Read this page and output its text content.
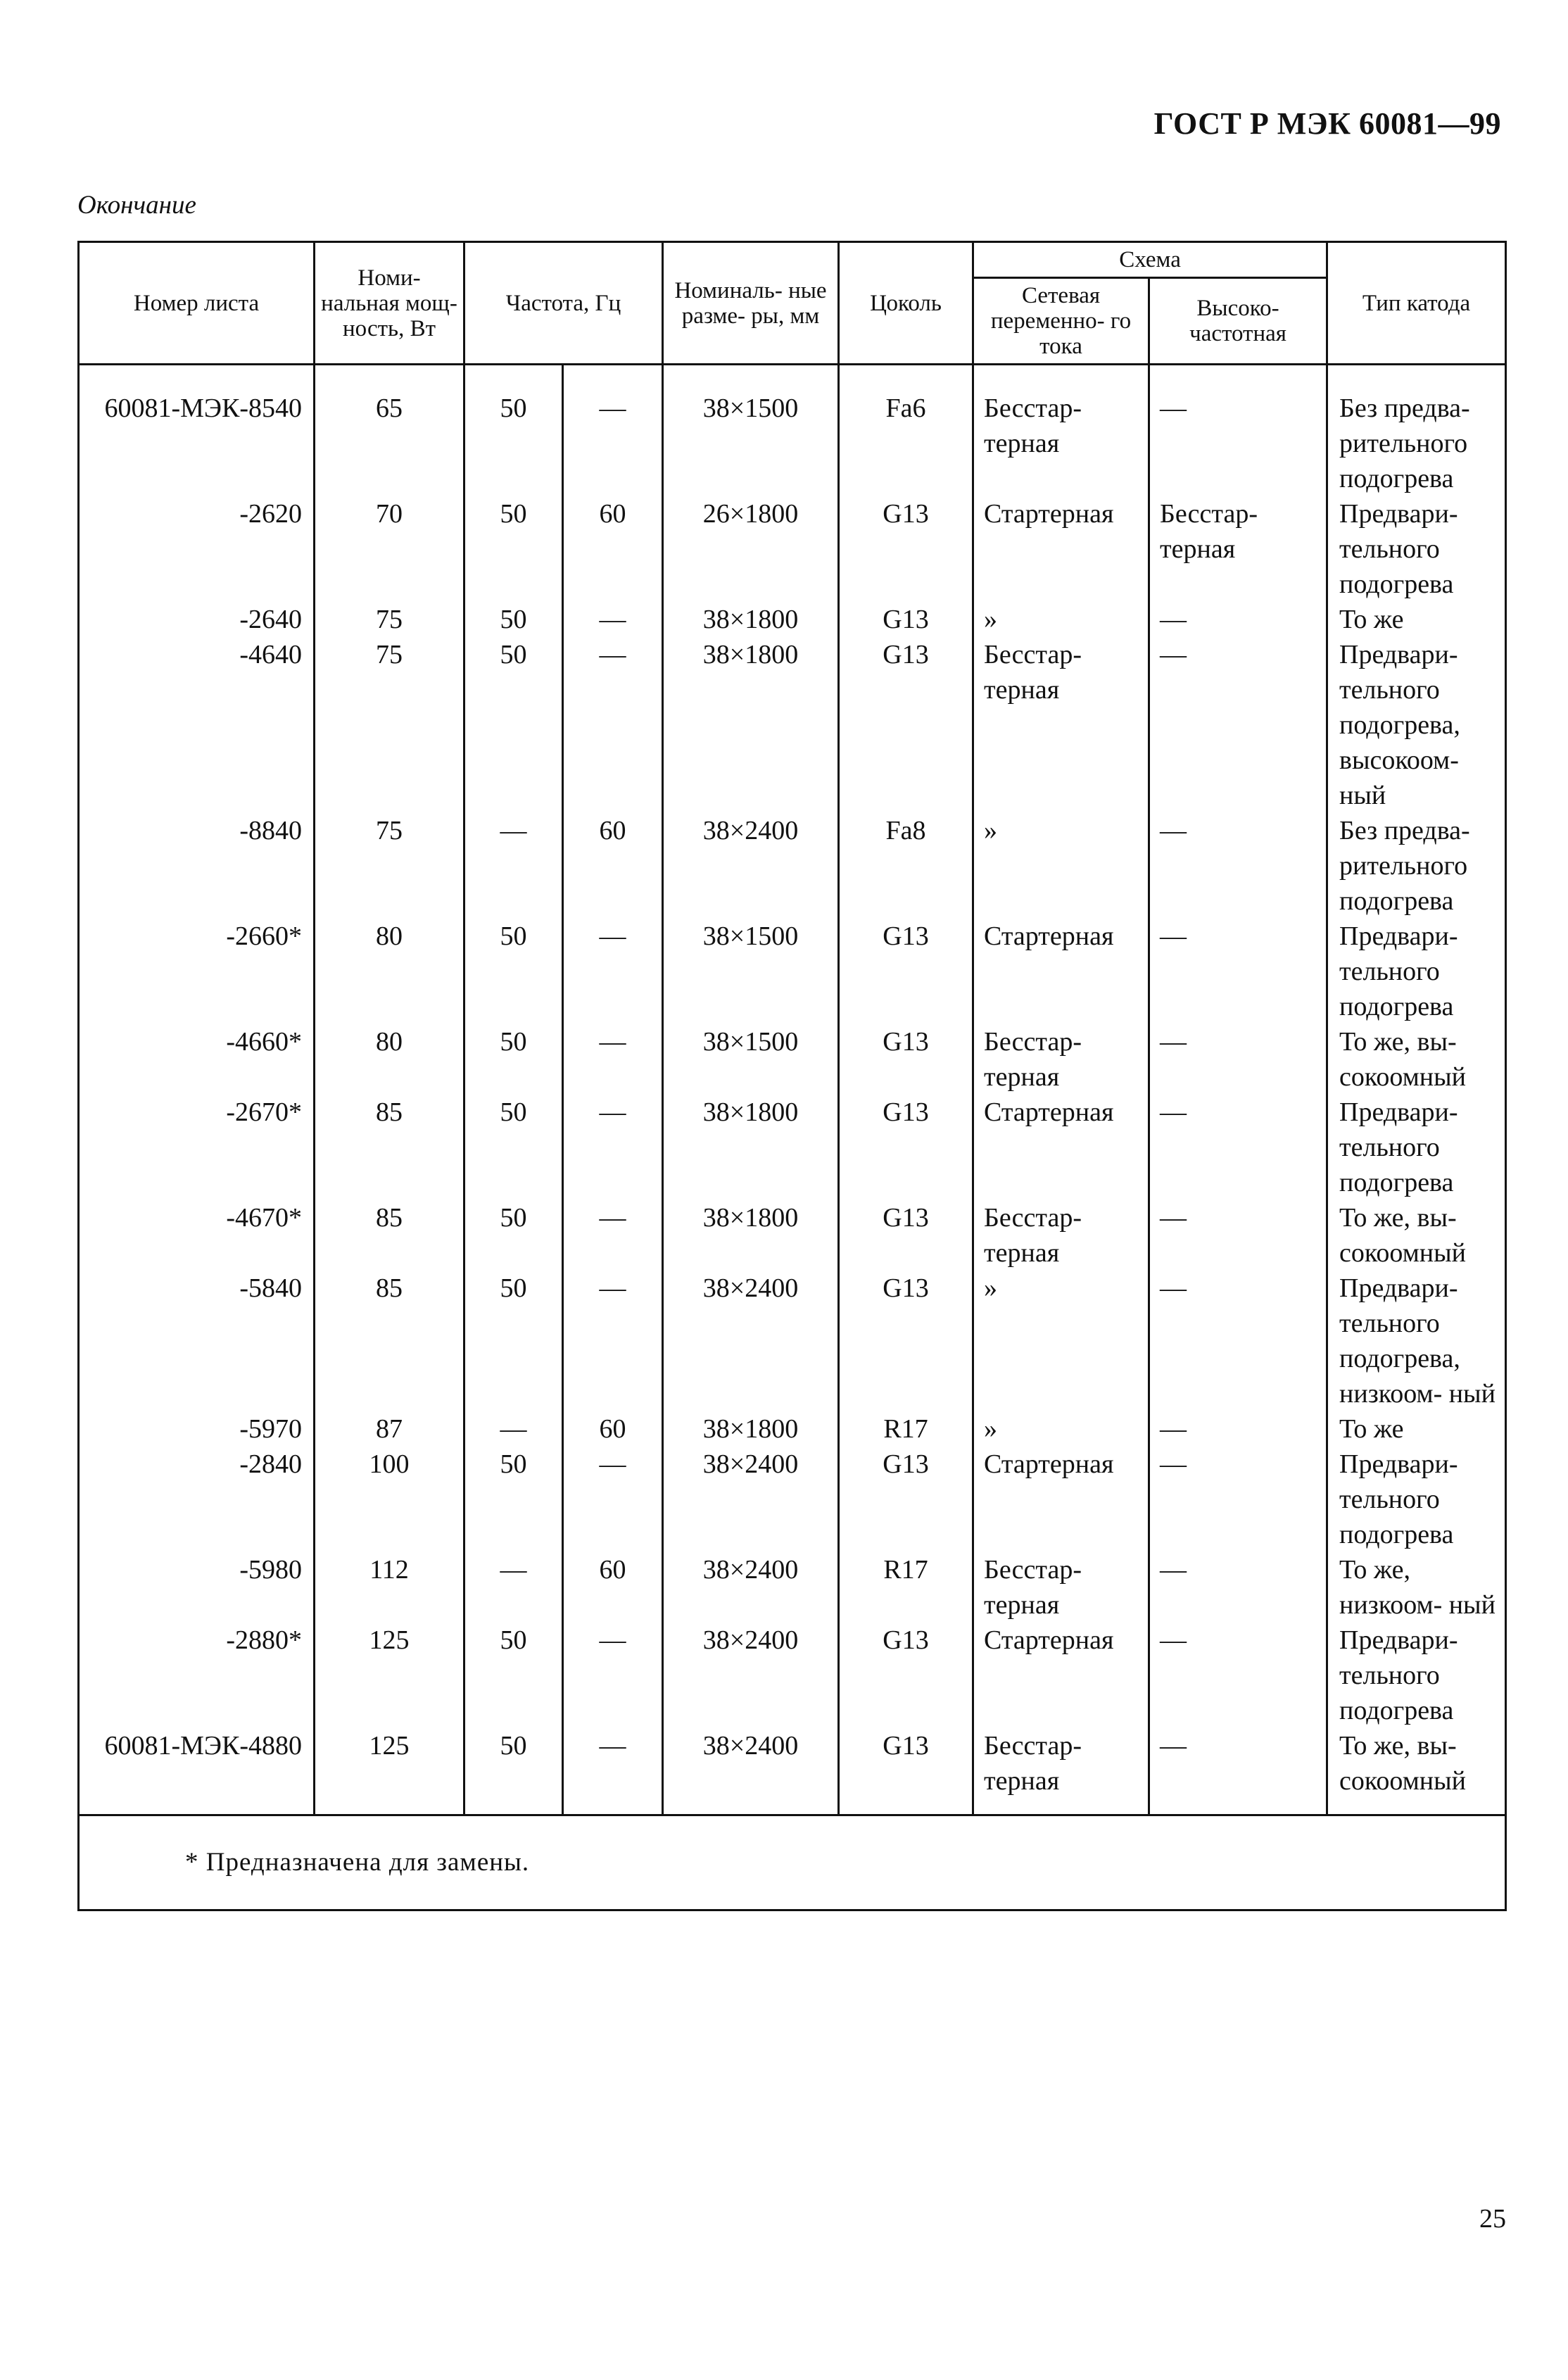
ГОСТ Р МЭК 60081—99
Окончание
Номер листа	Номи- нальная мощ- ность, Вт	Частота, Гц		Номиналь- ные разме- ры, мм	Цоколь	Схема		Тип катода
						Сетевая переменно- го тока	Высоко- частотная	
60081-МЭК-8540	65	50	—	38×1500	Fa6	Бесстар- терная	—	Без предва- рительного подогрева
-2620	70	50	60	26×1800	G13	Стартерная	Бесстар- терная	Предвари- тельного подогрева
-2640	75	50	—	38×1800	G13	»	—	То же
-4640	75	50	—	38×1800	G13	Бесстар- терная	—	Предвари- тельного подогрева, высокоом- ный
-8840	75	—	60	38×2400	Fa8	»	—	Без предва- рительного подогрева
-2660*	80	50	—	38×1500	G13	Стартерная	—	Предвари- тельного подогрева
-4660*	80	50	—	38×1500	G13	Бесстар- терная	—	То же, вы- сокоомный
-2670*	85	50	—	38×1800	G13	Стартерная	—	Предвари- тельного подогрева
-4670*	85	50	—	38×1800	G13	Бесстар- терная	—	То же, вы- сокоомный
-5840	85	50	—	38×2400	G13	»	—	Предвари- тельного подогрева, низкоом- ный
-5970	87	—	60	38×1800	R17	»	—	То же
-2840	100	50	—	38×2400	G13	Стартерная	—	Предвари- тельного подогрева
-5980	112	—	60	38×2400	R17	Бесстар- терная	—	То же, низкоом- ный
-2880*	125	50	—	38×2400	G13	Стартерная	—	Предвари- тельного подогрева
60081-МЭК-4880	125	50	—	38×2400	G13	Бесстар- терная	—	То же, вы- сокоомный
* Предназначена для замены.								
25
